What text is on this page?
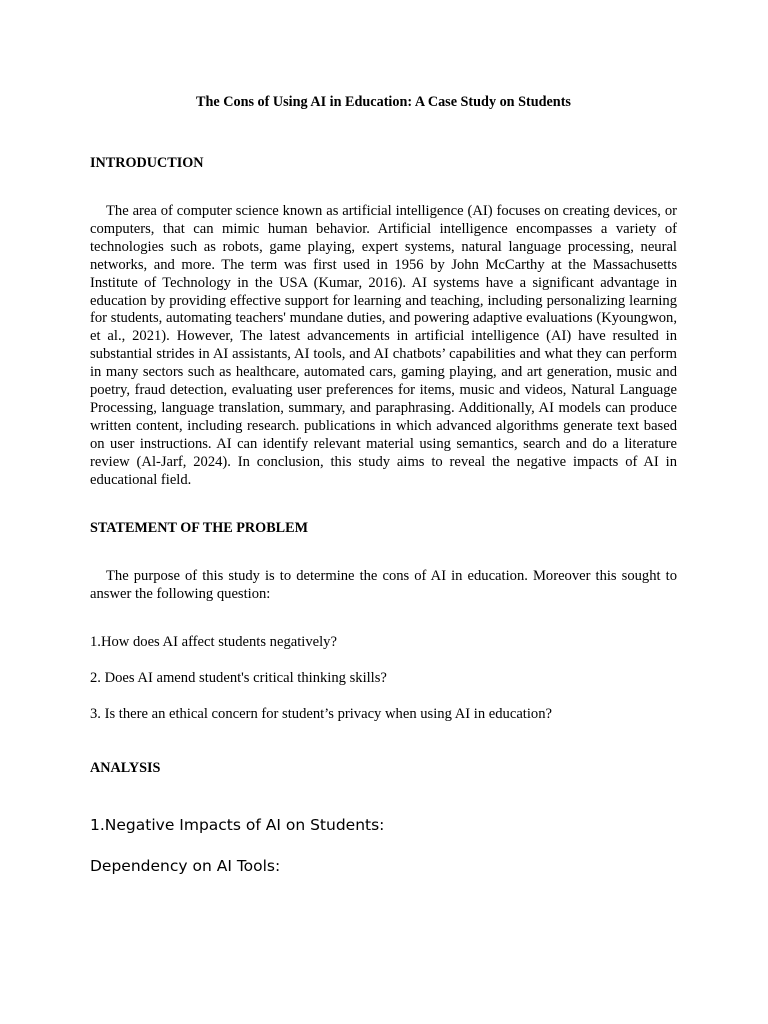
The Cons of Using AI in Education: A Case Study on Students
INTRODUCTION

The area of computer science known as artificial intelligence (AI) focuses on creating devices, or computers, that can mimic human behavior. Artificial intelligence encompasses a variety of technologies such as robots, game playing, expert systems, natural language processing, neural networks, and more. The term was first used in 1956 by John McCarthy at the Massachusetts Institute of Technology in the USA (Kumar, 2016). AI systems have a significant advantage in education by providing effective support for learning and teaching, including personalizing learning for students, automating teachers' mundane duties, and powering adaptive evaluations (Kyoungwon, et al., 2021). However, The latest advancements in artificial intelligence (AI) have resulted in substantial strides in AI assistants, AI tools, and AI chatbots’ capabilities and what they can perform in many sectors such as healthcare, automated cars, gaming playing, and art generation, music and poetry, fraud detection, evaluating user preferences for items, music and videos, Natural Language Processing, language translation, summary, and paraphrasing. Additionally, AI models can produce written content, including research. publications in which advanced algorithms generate text based on user instructions. AI can identify relevant material using semantics, search and do a literature review (Al-Jarf, 2024). In conclusion, this study aims to reveal the negative impacts of AI in educational field.

STATEMENT OF THE PROBLEM

The purpose of this study is to determine the cons of AI in education. Moreover this sought to answer the following question:

1.How does AI affect students negatively?
2. Does AI amend student's critical thinking skills?
3. Is there an ethical concern for student’s privacy when using AI in education?
ANALYSIS
1.Negative Impacts of AI on Students:
Dependency on AI Tools:
